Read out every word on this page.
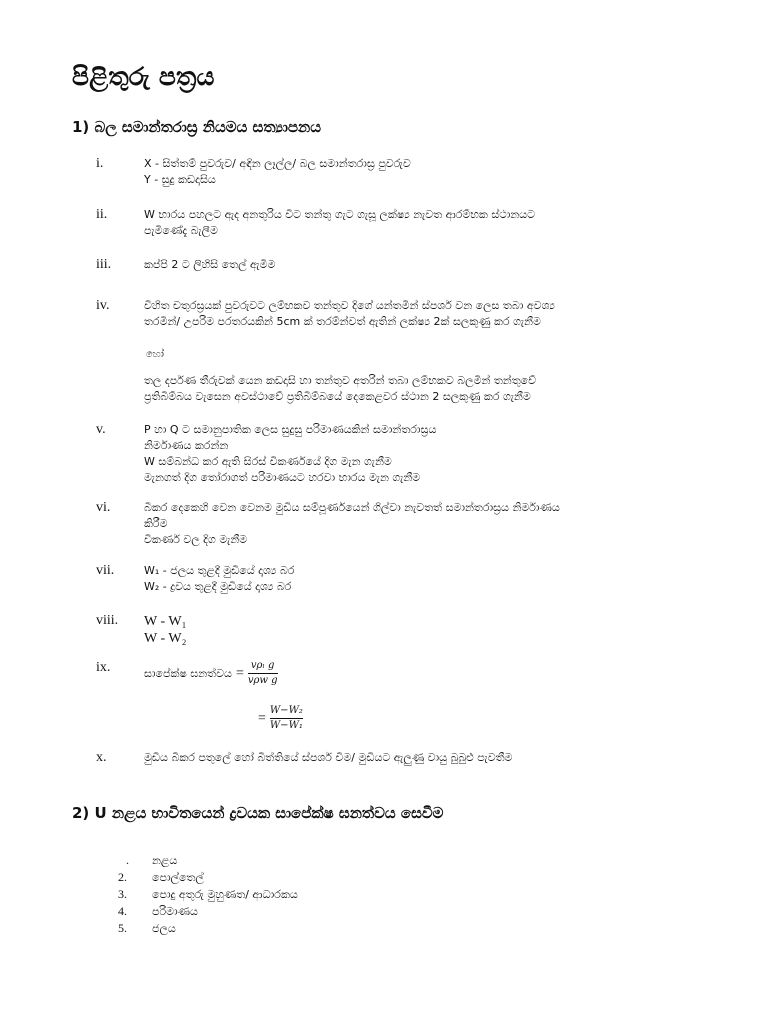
පිළිතුරු පත්‍රය
1) බල සමාන්තරාස්‍ර නියමය සත්‍යාපනය
i.	X - සිත්තම් පුවරුව/ අඳින ලෑල්ල/ බල සමාන්තරාස්‍ර පුවරුව
Y - සුදු කඩදාසිය
ii.	W භාරය පහලට ඇද අනතුරිය විට තන්තු ගැට ගැසූ ලක්ෂ්‍ය නැවත ආරම්භක ස්ථානයට
පැමිණේදැ බැලීම
iii.	කප්පි 2 ට ලිහිසි තෙල් ඇමීම
iv.	විහිත චතුරස්‍රයක් පුවරුවට ලම්භකව තන්තුව දිගේ යන්තමින් ස්පර්ශ වන ලෙස තබා අවශ්‍ය
තරමින්/ උපරිම පරතරයකින් 5cm ක් තරම්න්වත් ඇතින් ලක්ෂ්‍ය 2ක් සලකුණු කර ගැනීම
හෝ
තල දර්පණ තීරුවක් යෙන කඩදාසි හා තන්තුව අතරින් තබා ලම්භකව බලමින් තන්තුවේ
ප්‍රතිබිම්බය වැසෙන අවස්ථාවේ ප්‍රතිබිම්බයේ දෙකෙළවර ස්ථාන 2 සලකුණු කර ගැනීම
v.	P හා Q ට සමානුපාතික ලෙස සුදුසු පරිමාණයකින් සමාන්තරාස්‍රය
නිර්මාණය කරන්න
W සම්බන්ධ කර ඇති සිරස් විකර්ණයේ දිග මැන ගැනීම
මැනගත් දිග තෝරාගත් පරිමාණයට හරවා භාරය මැන ගැනීම
vi.	බීකර දෙකෙහි වෙන වෙනම මුඩිය සම්පූර්ණයෙන් ගිල්වා නැවතත් සමාන්තරාස්‍රය නිර්මාණය
කිරීම
විකර්ණ වල දිග මැනීම
vii.	W₁ - ජලය තුළදී මුඩියේ දෘශ්‍ය බර
W₂ - ද්‍රවය තුළදී මුඩියේ දෘශ්‍ය බර
viii. W - W₁
W - W₂
ix.	සාපේක්ෂ ඝනත්වය = $\frac{\text{vρₗ g}}{\text{vρw g}}$
= $\frac{\text{W−W₂}}{\text{W−W₁}}$
x.	මුඩිය බීකර පතුලේ හෝ බිත්තියේ ස්පර්ශ වීම/ මුඩියට ඇලුණු වායු බුබුළු පැවතීම
2) U නළය භාවිතයෙන් ද්‍රවයක සාපේක්ෂ ඝනත්වය සෙවීම
. නළය
2. පොල්තෙල්
3. පොදු අතුරු මුහුණත/ ආධාරකය
4. පරිමාණය
5. ජලය
